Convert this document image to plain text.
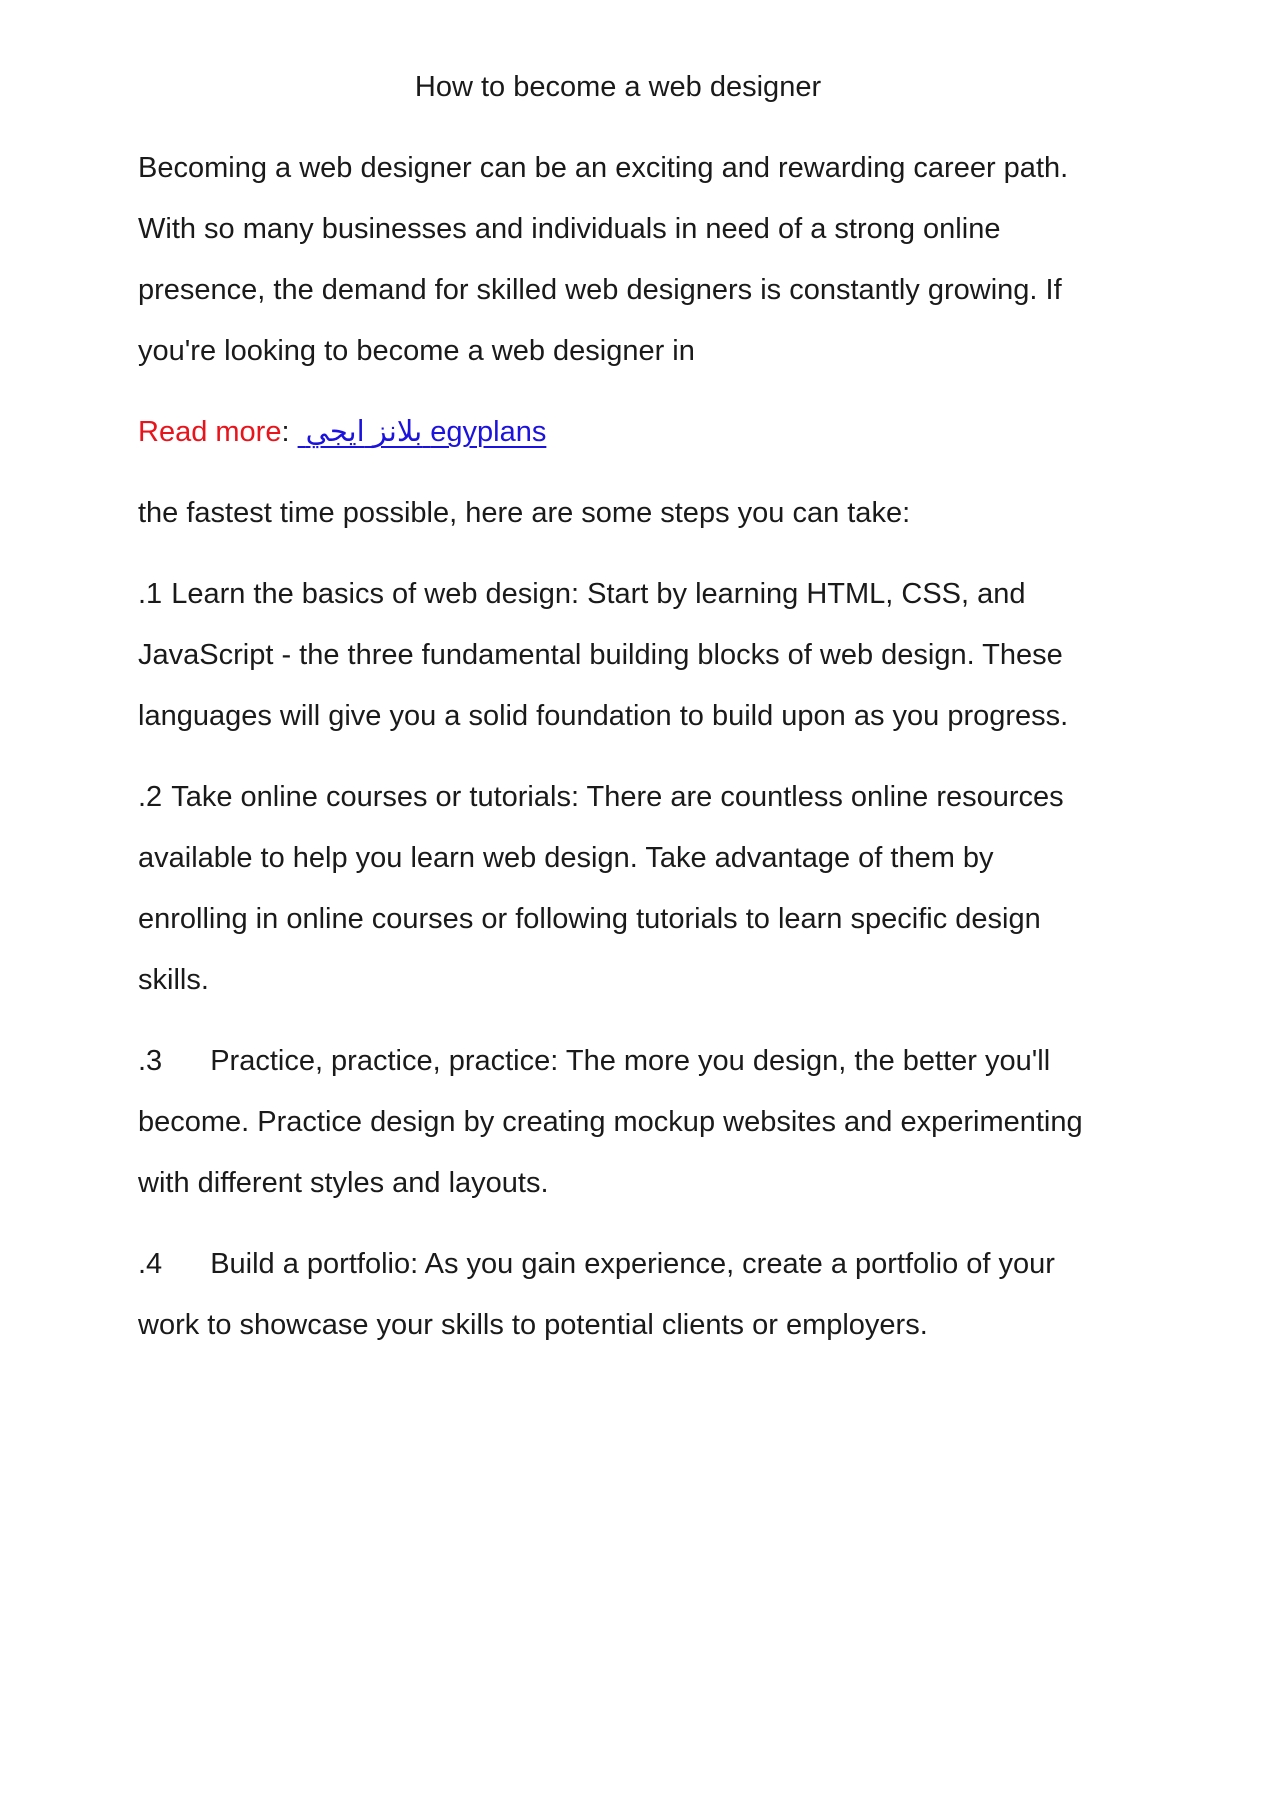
How to become a web designer

Becoming a web designer can be an exciting and rewarding career path. With so many businesses and individuals in need of a strong online presence, the demand for skilled web designers is constantly growing. If you're looking to become a web designer in

Read more: ايجي بلانز egyplans

the fastest time possible, here are some steps you can take:

.1 Learn the basics of web design: Start by learning HTML, CSS, and JavaScript - the three fundamental building blocks of web design. These languages will give you a solid foundation to build upon as you progress.

.2 Take online courses or tutorials: There are countless online resources available to help you learn web design. Take advantage of them by enrolling in online courses or following tutorials to learn specific design skills.

.3 Practice, practice, practice: The more you design, the better you'll become. Practice design by creating mockup websites and experimenting with different styles and layouts.

.4 Build a portfolio: As you gain experience, create a portfolio of your work to showcase your skills to potential clients or employers.
